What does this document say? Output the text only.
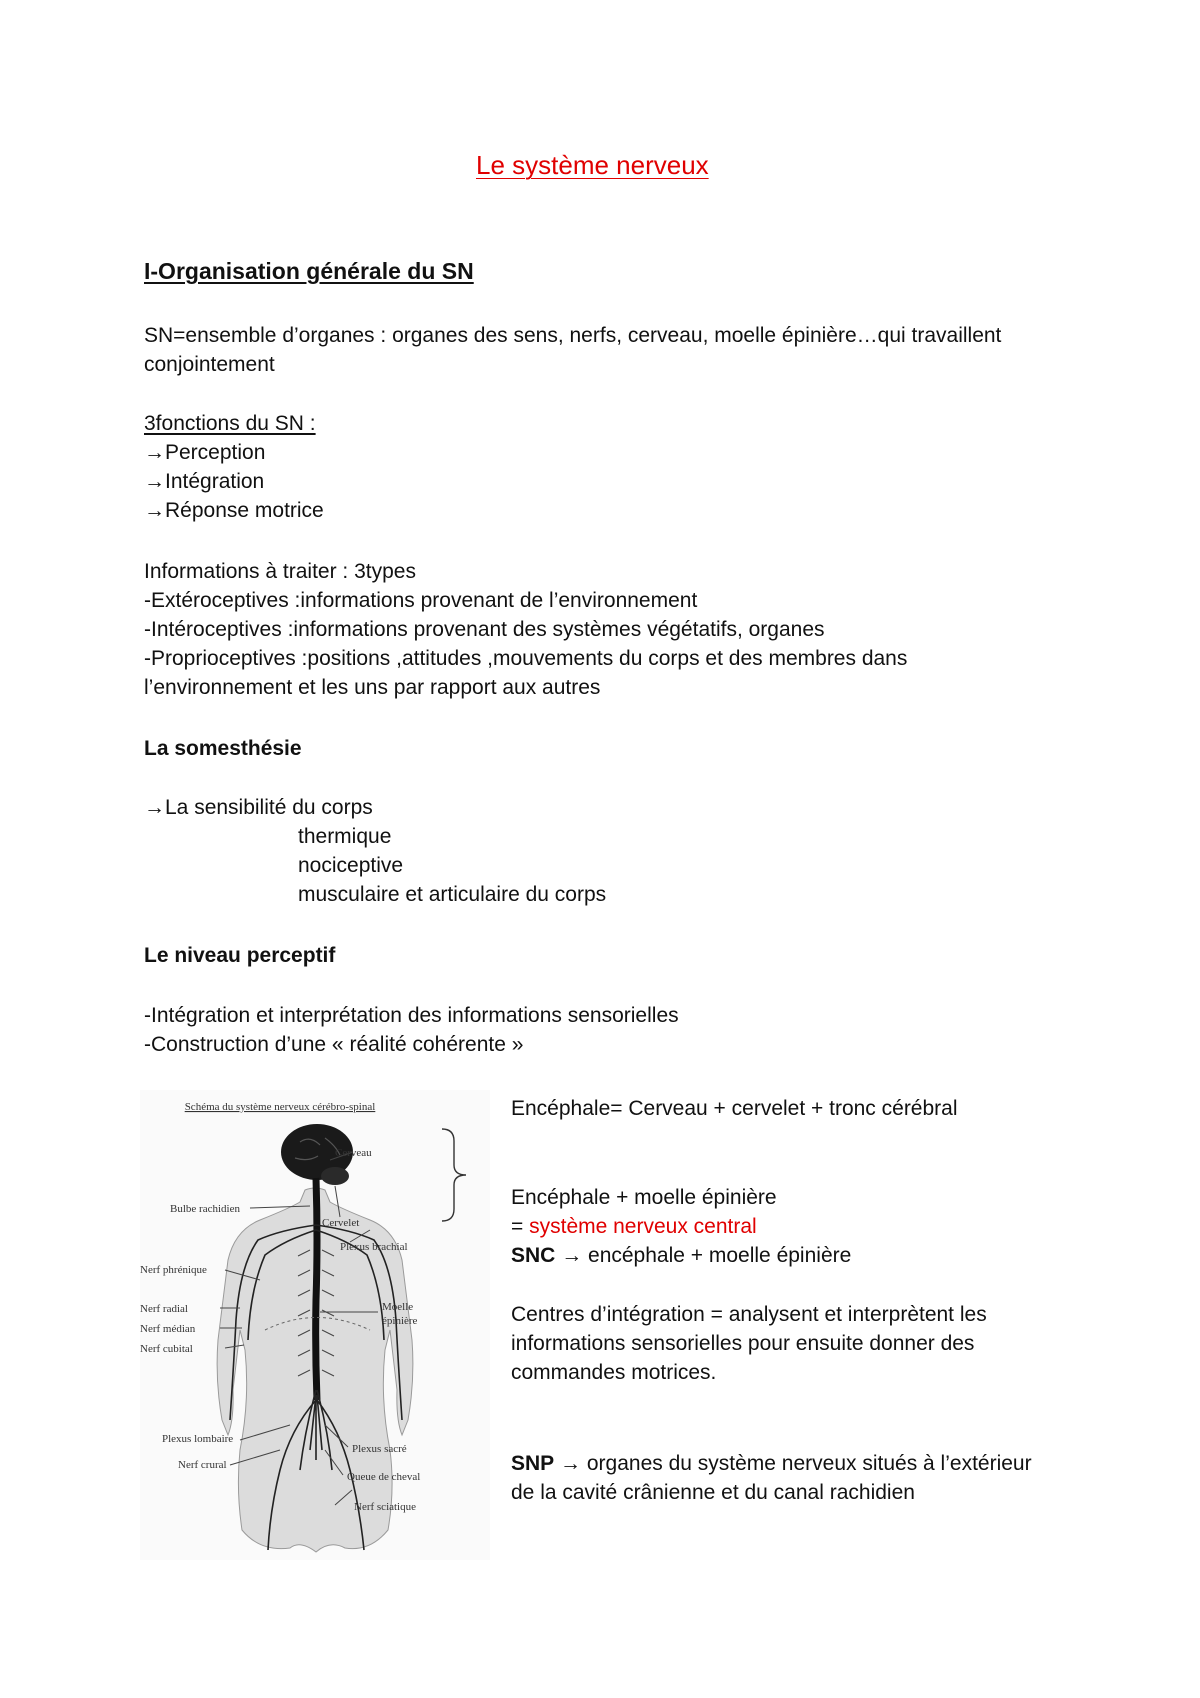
Le système nerveux
I-Organisation générale du SN
SN=ensemble d’organes : organes des sens, nerfs, cerveau, moelle épinière…qui travaillent
conjointement
3fonctions du SN :
→Perception
→Intégration
→Réponse motrice
Informations à traiter : 3types
-Extéroceptives :informations provenant de l’environnement
-Intéroceptives :informations provenant des systèmes végétatifs, organes
-Proprioceptives :positions ,attitudes ,mouvements du corps et des membres dans
l’environnement et les uns par rapport aux autres
La somesthésie
→La sensibilité du corps
thermique
nociceptive
musculaire et articulaire du corps
Le niveau perceptif
-Intégration et interprétation des informations sensorielles
-Construction d’une « réalité cohérente »
Schéma du système nerveux cérébro-spinal
Cerveau
Bulbe rachidien
Cervelet
Plexus brachial
Nerf phrénique
Nerf radial
Nerf médian
Nerf cubital
Moelle
épinière
Plexus lombaire
Nerf crural
Plexus sacré
Queue de cheval
Nerf sciatique
Encéphale= Cerveau + cervelet + tronc cérébral
Encéphale + moelle épinière
= système nerveux central
SNC → encéphale + moelle épinière
Centres d’intégration = analysent et interprètent les
informations sensorielles pour ensuite donner des
commandes motrices.
SNP → organes du système nerveux situés à l’extérieur
de la cavité crânienne et du canal rachidien
